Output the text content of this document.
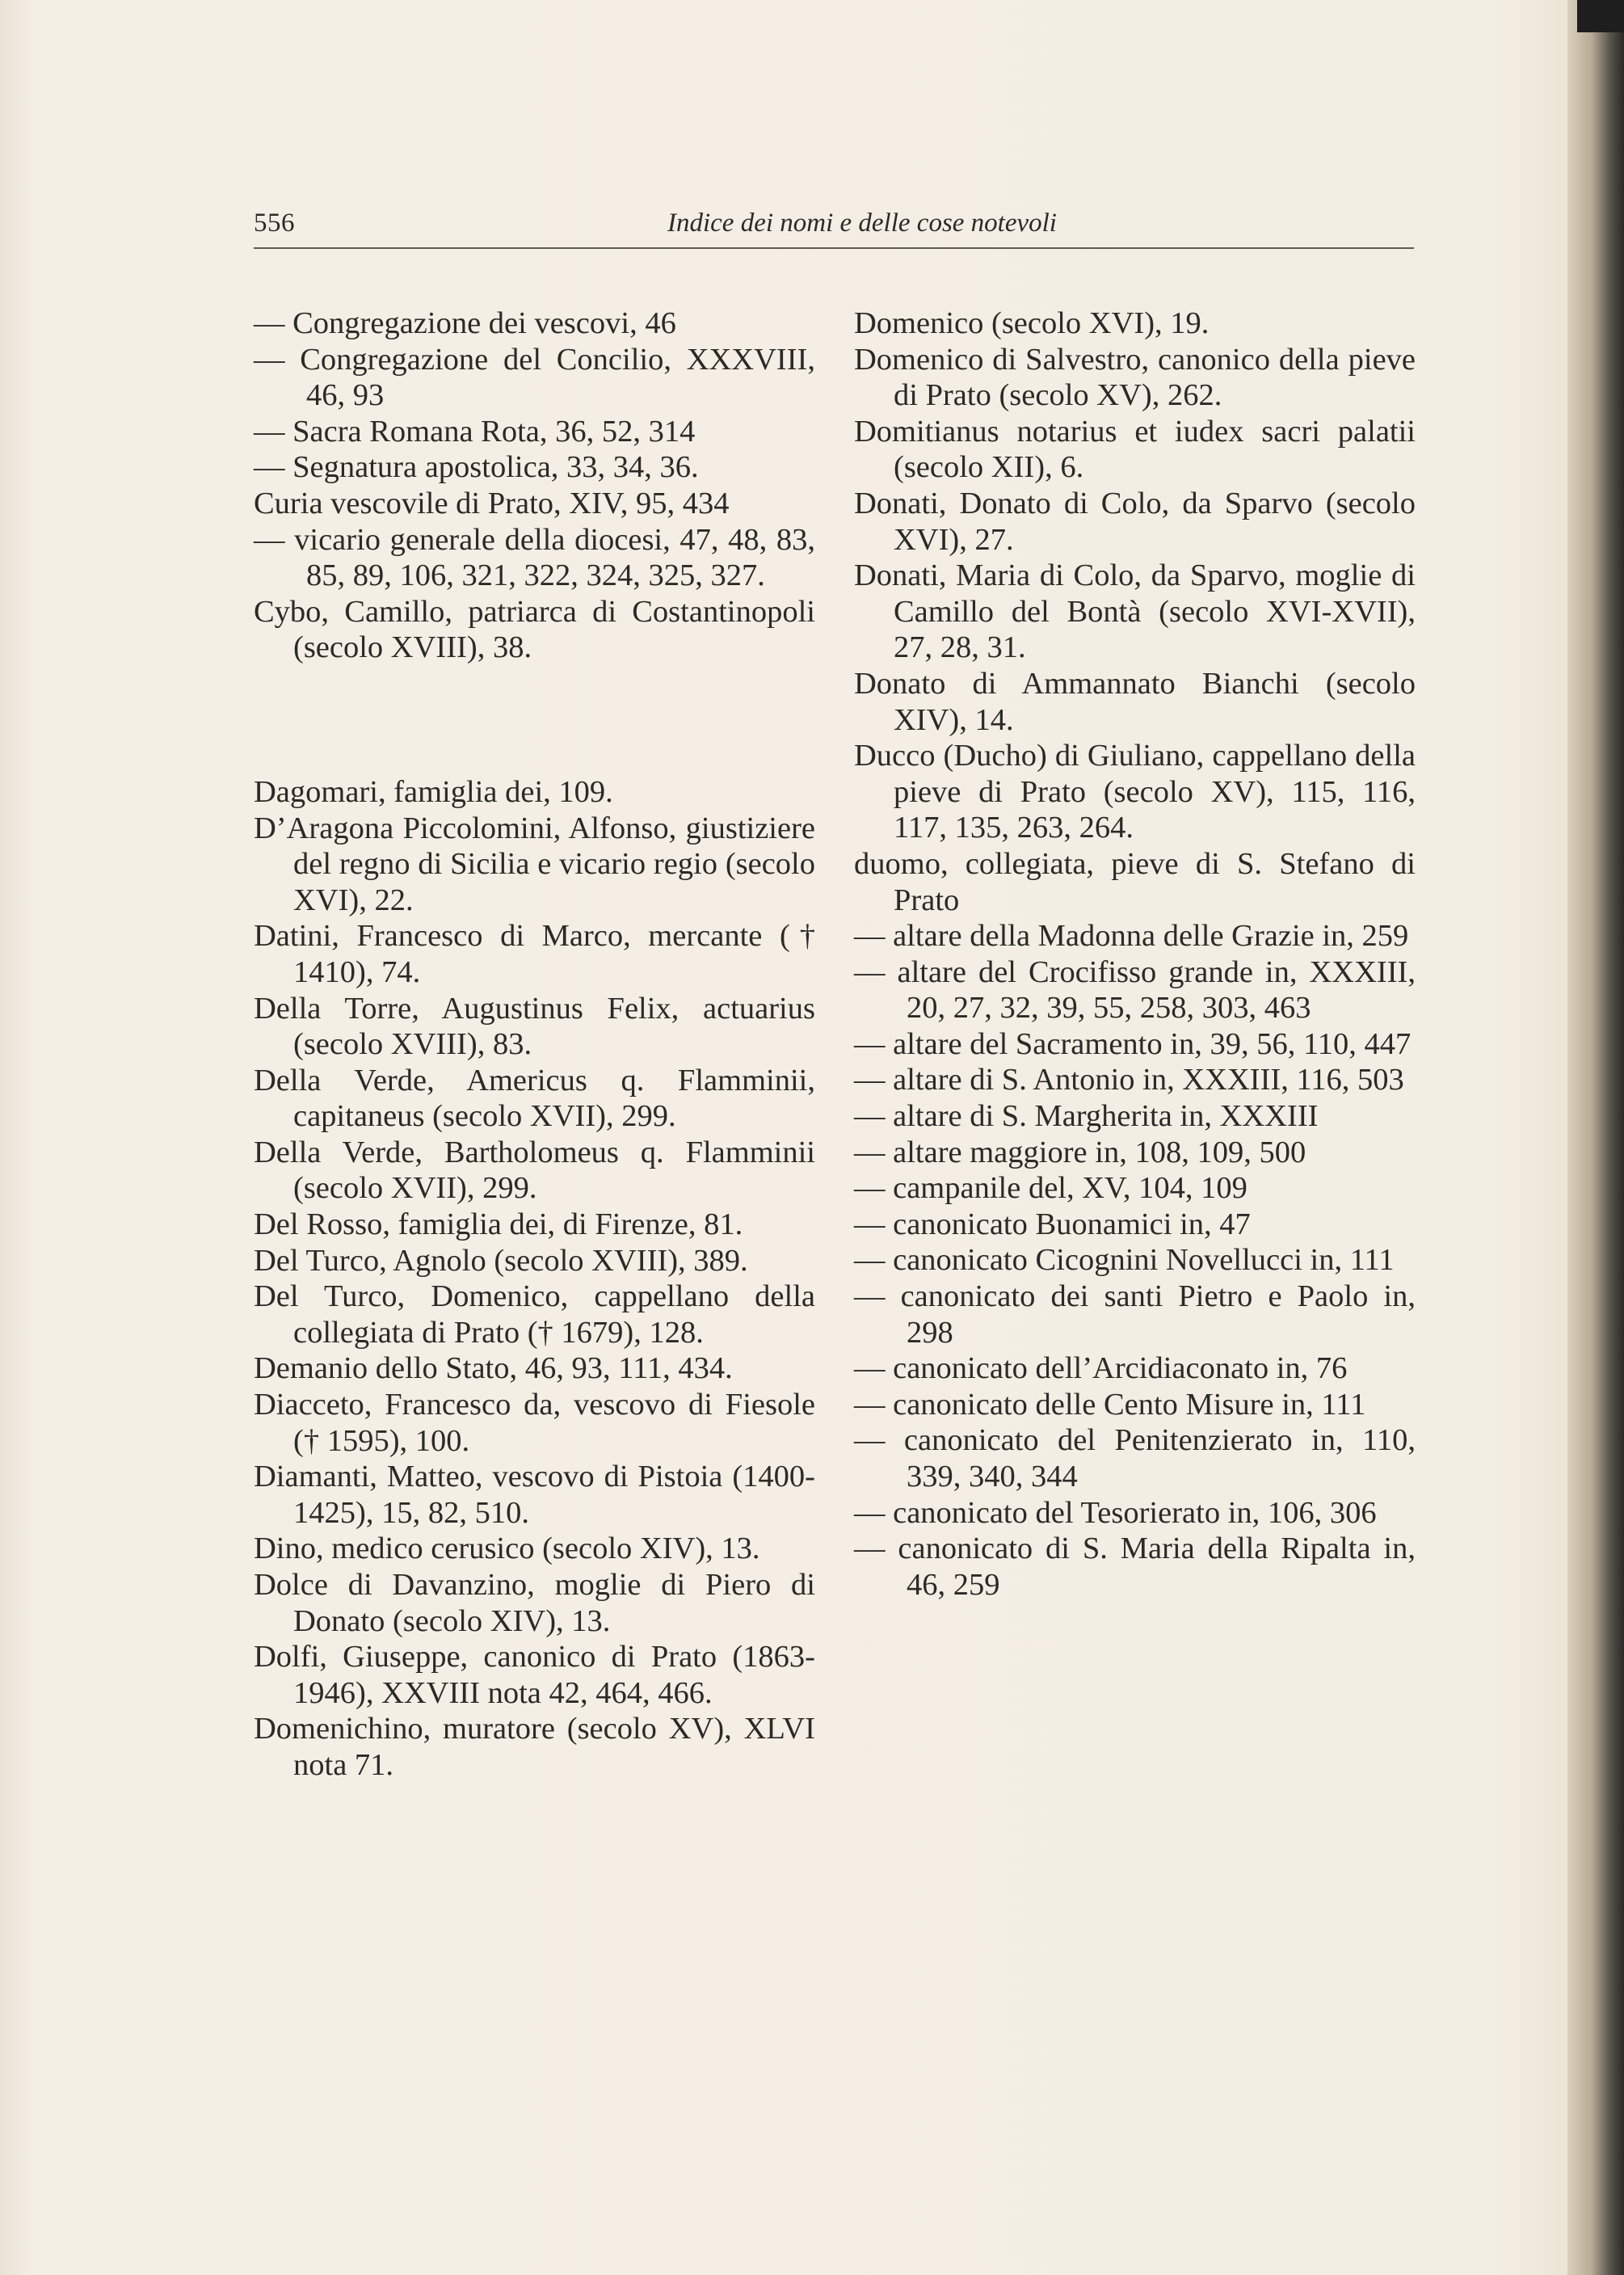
556	Indice dei nomi e delle cose notevoli
— Congregazione dei vescovi, 46
— Congregazione del Concilio, XXXVIII, 46, 93
— Sacra Romana Rota, 36, 52, 314
— Segnatura apostolica, 33, 34, 36.
Curia vescovile di Prato, XIV, 95, 434
— vicario generale della diocesi, 47, 48, 83, 85, 89, 106, 321, 322, 324, 325, 327.
Cybo, Camillo, patriarca di Costantinopoli (secolo XVIII), 38.
Dagomari, famiglia dei, 109.
D’Aragona Piccolomini, Alfonso, giustiziere del regno di Sicilia e vicario regio (secolo XVI), 22.
Datini, Francesco di Marco, mercante († 1410), 74.
Della Torre, Augustinus Felix, actuarius (secolo XVIII), 83.
Della Verde, Americus q. Flamminii, capitaneus (secolo XVII), 299.
Della Verde, Bartholomeus q. Flamminii (secolo XVII), 299.
Del Rosso, famiglia dei, di Firenze, 81.
Del Turco, Agnolo (secolo XVIII), 389.
Del Turco, Domenico, cappellano della collegiata di Prato († 1679), 128.
Demanio dello Stato, 46, 93, 111, 434.
Diacceto, Francesco da, vescovo di Fiesole († 1595), 100.
Diamanti, Matteo, vescovo di Pistoia (1400-1425), 15, 82, 510.
Dino, medico cerusico (secolo XIV), 13.
Dolce di Davanzino, moglie di Piero di Donato (secolo XIV), 13.
Dolfi, Giuseppe, canonico di Prato (1863-1946), XXVIII nota 42, 464, 466.
Domenichino, muratore (secolo XV), XLVI nota 71.
Domenico (secolo XVI), 19.
Domenico di Salvestro, canonico della pieve di Prato (secolo XV), 262.
Domitianus notarius et iudex sacri palatii (secolo XII), 6.
Donati, Donato di Colo, da Sparvo (secolo XVI), 27.
Donati, Maria di Colo, da Sparvo, moglie di Camillo del Bontà (secolo XVI-XVII), 27, 28, 31.
Donato di Ammannato Bianchi (secolo XIV), 14.
Ducco (Ducho) di Giuliano, cappellano della pieve di Prato (secolo XV), 115, 116, 117, 135, 263, 264.
duomo, collegiata, pieve di S. Stefano di Prato
— altare della Madonna delle Grazie in, 259
— altare del Crocifisso grande in, XXXIII, 20, 27, 32, 39, 55, 258, 303, 463
— altare del Sacramento in, 39, 56, 110, 447
— altare di S. Antonio in, XXXIII, 116, 503
— altare di S. Margherita in, XXXIII
— altare maggiore in, 108, 109, 500
— campanile del, XV, 104, 109
— canonicato Buonamici in, 47
— canonicato Cicognini Novellucci in, 111
— canonicato dei santi Pietro e Paolo in, 298
— canonicato dell’Arcidiaconato in, 76
— canonicato delle Cento Misure in, 111
— canonicato del Penitenzierato in, 110, 339, 340, 344
— canonicato del Tesorierato in, 106, 306
— canonicato di S. Maria della Ripalta in, 46, 259
